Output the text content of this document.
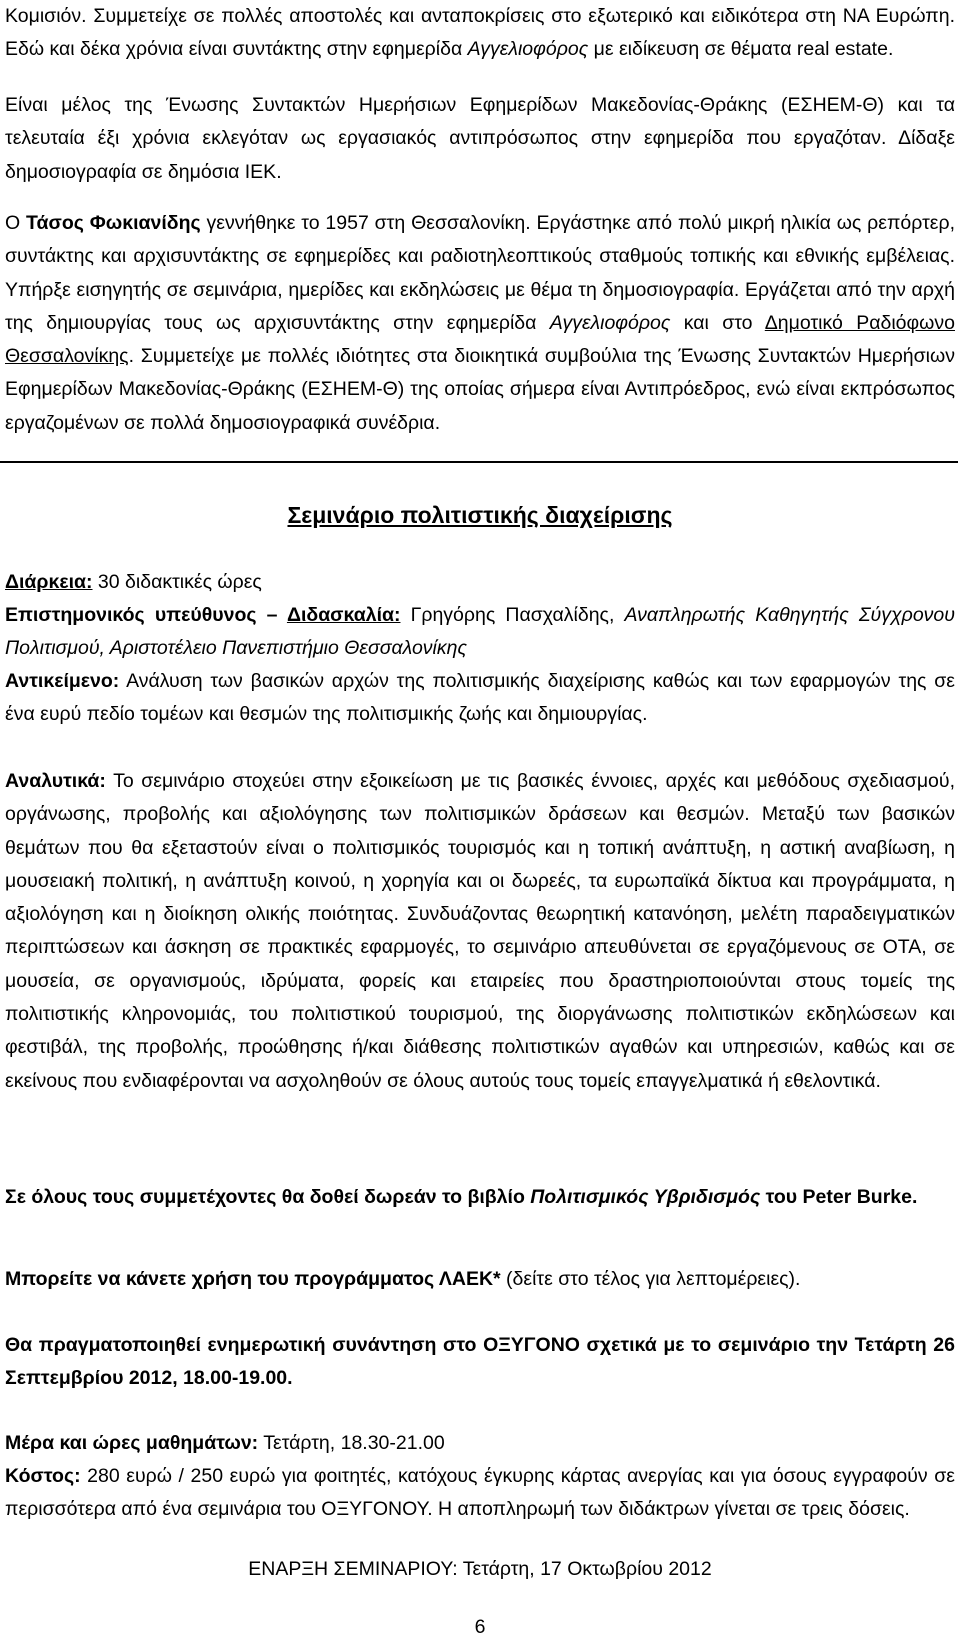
Κομισιόν. Συμμετείχε σε πολλές αποστολές και ανταποκρίσεις στο εξωτερικό και ειδικότερα στη ΝΑ Ευρώπη. Εδώ και δέκα χρόνια είναι συντάκτης στην εφημερίδα Αγγελιοφόρος με ειδίκευση σε θέματα real estate.

Είναι μέλος της Ένωσης Συντακτών Ημερήσιων Εφημερίδων Μακεδονίας-Θράκης (ΕΣΗΕΜ-Θ) και τα τελευταία έξι χρόνια εκλεγόταν ως εργασιακός αντιπρόσωπος στην εφημερίδα που εργαζόταν. Δίδαξε δημοσιογραφία σε δημόσια ΙΕΚ.

Ο Τάσος Φωκιανίδης γεννήθηκε το 1957 στη Θεσσαλονίκη. Εργάστηκε από πολύ μικρή ηλικία ως ρεπόρτερ, συντάκτης και αρχισυντάκτης σε εφημερίδες και ραδιοτηλεοπτικούς σταθμούς τοπικής και εθνικής εμβέλειας. Υπήρξε εισηγητής σε σεμινάρια, ημερίδες και εκδηλώσεις με θέμα τη δημοσιογραφία. Εργάζεται από την αρχή της δημιουργίας τους ως αρχισυντάκτης στην εφημερίδα Αγγελιοφόρος και στο Δημοτικό Ραδιόφωνο Θεσσαλονίκης. Συμμετείχε με πολλές ιδιότητες στα διοικητικά συμβούλια της Ένωσης Συντακτών Ημερήσιων Εφημερίδων Μακεδονίας-Θράκης (ΕΣΗΕΜ-Θ) της οποίας σήμερα είναι Αντιπρόεδρος, ενώ είναι εκπρόσωπος εργαζομένων σε πολλά δημοσιογραφικά συνέδρια.

Σεμινάριο πολιτιστικής διαχείρισης

Διάρκεια: 30 διδακτικές ώρες

Επιστημονικός υπεύθυνος – Διδασκαλία: Γρηγόρης Πασχαλίδης, Αναπληρωτής Καθηγητής Σύγχρονου Πολιτισμού, Αριστοτέλειο Πανεπιστήμιο Θεσσαλονίκης

Αντικείμενο: Ανάλυση των βασικών αρχών της πολιτισμικής διαχείρισης καθώς και των εφαρμογών της σε ένα ευρύ πεδίο τομέων και θεσμών της πολιτισμικής ζωής και δημιουργίας.

Αναλυτικά: Το σεμινάριο στοχεύει στην εξοικείωση με τις βασικές έννοιες, αρχές και μεθόδους σχεδιασμού, οργάνωσης, προβολής και αξιολόγησης των πολιτισμικών δράσεων και θεσμών. Μεταξύ των βασικών θεμάτων που θα εξεταστούν είναι ο πολιτισμικός τουρισμός και η τοπική ανάπτυξη, η αστική αναβίωση, η μουσειακή πολιτική, η ανάπτυξη κοινού, η χορηγία και οι δωρεές, τα ευρωπαϊκά δίκτυα και προγράμματα, η αξιολόγηση και η διοίκηση ολικής ποιότητας. Συνδυάζοντας θεωρητική κατανόηση, μελέτη παραδειγματικών περιπτώσεων και άσκηση σε πρακτικές εφαρμογές, το σεμινάριο απευθύνεται σε εργαζόμενους σε ΟΤΑ, σε μουσεία, σε οργανισμούς, ιδρύματα, φορείς και εταιρείες που δραστηριοποιούνται στους τομείς της πολιτιστικής κληρονομιάς, του πολιτιστικού τουρισμού, της διοργάνωσης πολιτιστικών εκδηλώσεων και φεστιβάλ, της προβολής, προώθησης ή/και διάθεσης πολιτιστικών αγαθών και υπηρεσιών, καθώς και σε εκείνους που ενδιαφέρονται να ασχοληθούν σε όλους αυτούς τους τομείς επαγγελματικά ή εθελοντικά.

Σε όλους τους συμμετέχοντες θα δοθεί δωρεάν το βιβλίο Πολιτισμικός Υβριδισμός του Peter Burke.

Μπορείτε να κάνετε χρήση του προγράμματος ΛΑΕΚ* (δείτε στο τέλος για λεπτομέρειες).

Θα πραγματοποιηθεί ενημερωτική συνάντηση στο ΟΞΥΓΟΝΟ σχετικά με το σεμινάριο την Τετάρτη 26 Σεπτεμβρίου 2012, 18.00-19.00.

Μέρα και ώρες μαθημάτων: Τετάρτη, 18.30-21.00

Κόστος: 280 ευρώ / 250 ευρώ για φοιτητές, κατόχους έγκυρης κάρτας ανεργίας και για όσους εγγραφούν σε περισσότερα από ένα σεμινάρια του ΟΞΥΓΟΝΟΥ. Η αποπληρωμή των διδάκτρων γίνεται σε τρεις δόσεις.

ΕΝΑΡΞΗ ΣΕΜΙΝΑΡΙΟΥ: Τετάρτη, 17 Οκτωβρίου 2012

6
